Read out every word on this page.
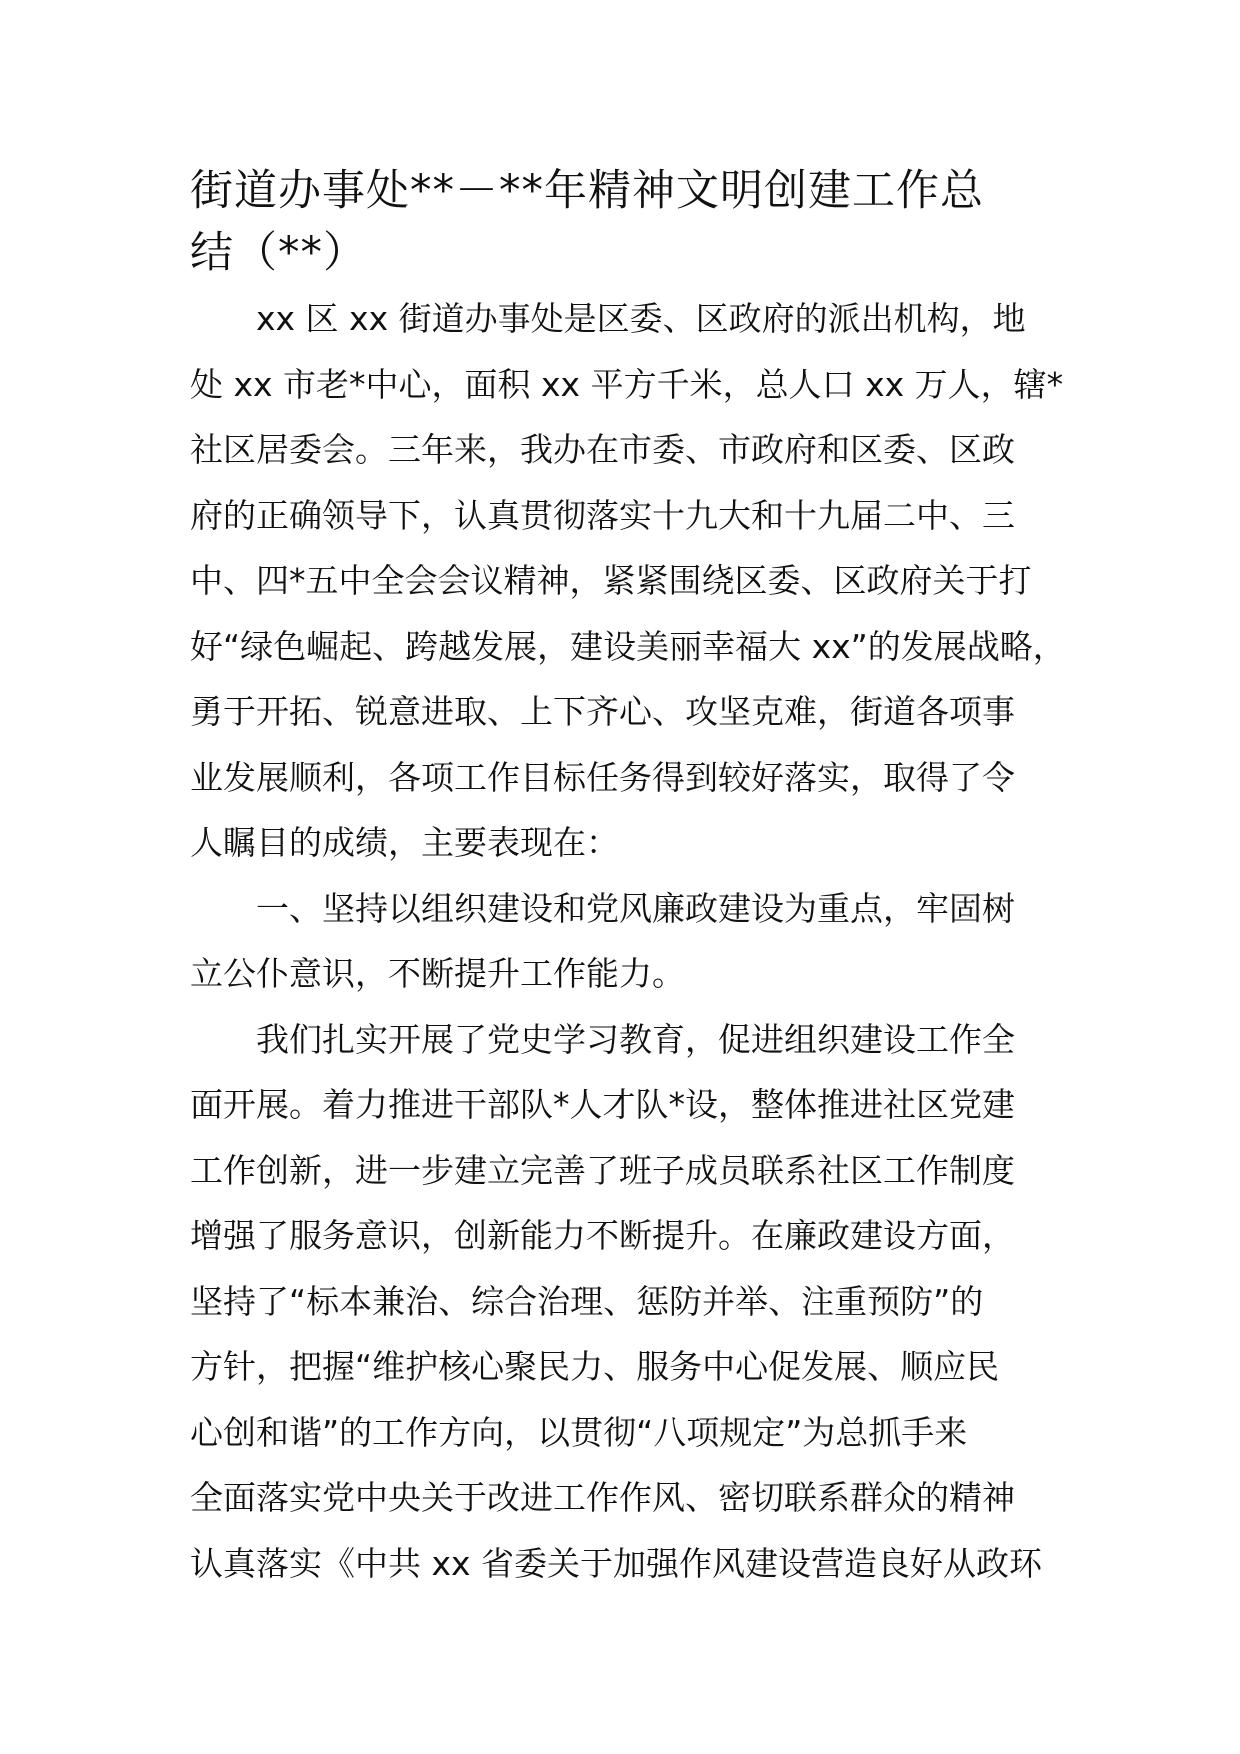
街道办事处**－**年精神文明创建工作总
结（**）
xx 区 xx 街道办事处是区委、区政府的派出机构，地
处 xx 市老*中心，面积 xx 平方千米，总人口 xx 万人，辖*
社区居委会。三年来，我办在市委、市政府和区委、区政
府的正确领导下，认真贯彻落实十九大和十九届二中、三
中、四*五中全会会议精神，紧紧围绕区委、区政府关于打
好“绿色崛起、跨越发展，建设美丽幸福大 xx”的发展战略，
勇于开拓、锐意进取、上下齐心、攻坚克难，街道各项事
业发展顺利，各项工作目标任务得到较好落实，取得了令
人瞩目的成绩，主要表现在：
一、坚持以组织建设和党风廉政建设为重点，牢固树
立公仆意识，不断提升工作能力。
我们扎实开展了党史学习教育，促进组织建设工作全
面开展。着力推进干部队*人才队*设，整体推进社区党建
工作创新，进一步建立完善了班子成员联系社区工作制度
增强了服务意识，创新能力不断提升。在廉政建设方面，
坚持了“标本兼治、综合治理、惩防并举、注重预防”的
方针，把握“维护核心聚民力、服务中心促发展、顺应民
心创和谐”的工作方向，以贯彻“八项规定”为总抓手来
全面落实党中央关于改进工作作风、密切联系群众的精神
认真落实《中共 xx 省委关于加强作风建设营造良好从政环
